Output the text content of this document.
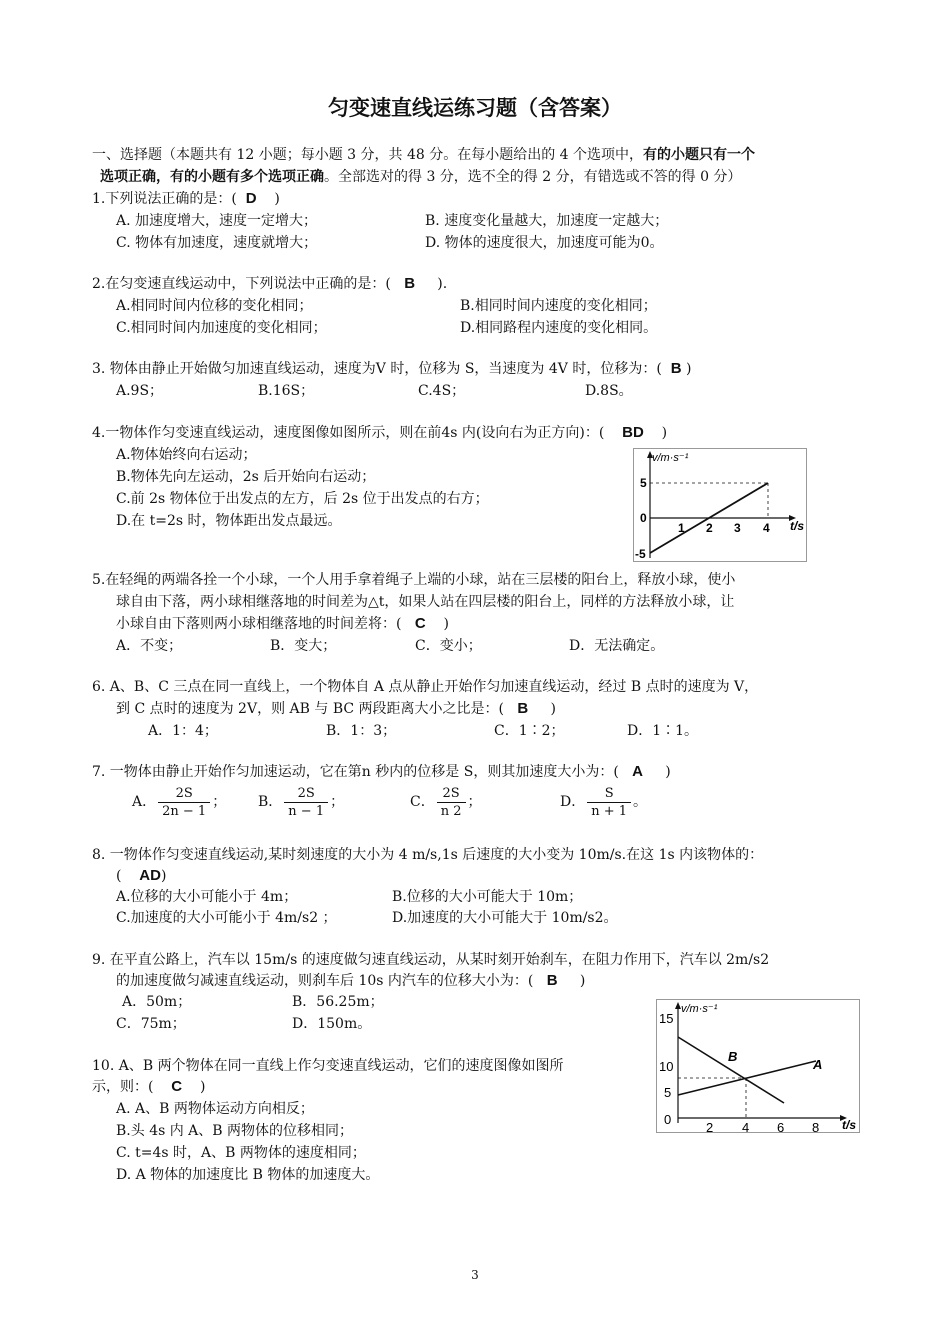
匀变速直线运练习题（含答案）
一、选择题（本题共有 12 小题；每小题 3 分，共 48 分。在每小题给出的 4 个选项中，有的小题只有一个
选项正确，有的小题有多个选项正确。全部选对的得 3 分，选不全的得 2 分，有错选或不答的得 0 分）
1.下列说法正确的是：( D )
A. 加速度增大，速度一定增大；	B. 速度变化量越大，加速度一定越大；
C. 物体有加速度，速度就增大；	D. 物体的速度很大，加速度可能为0。
2.在匀变速直线运动中，下列说法中正确的是：( B ).
A.相同时间内位移的变化相同；	B.相同时间内速度的变化相同；
C.相同时间内加速度的变化相同；	D.相同路程内速度的变化相同。
3. 物体由静止开始做匀加速直线运动，速度为V 时，位移为 S，当速度为 4V 时，位移为：( B )
A.9S；	B.16S；	C.4S；	D.8S。
4.一物体作匀变速直线运动，速度图像如图所示，则在前4s 内(设向右为正方向)：( BD )
A.物体始终向右运动；
B.物体先向左运动，2s 后开始向右运动；
C.前 2s 物体位于出发点的左方，后 2s 位于出发点的右方；
D.在 t=2s 时，物体距出发点最远。
v/m·s⁻¹
t/s
5
0
-5
1 2 3 4
5.在轻绳的两端各拴一个小球，一个人用手拿着绳子上端的小球，站在三层楼的阳台上，释放小球，使小
球自由下落，两小球相继落地的时间差为△t，如果人站在四层楼的阳台上，同样的方法释放小球，让
小球自由下落则两小球相继落地的时间差将：( C )
A．不变；	B．变大；	C．变小；	D．无法确定。
6. A、B、C 三点在同一直线上，一个物体自 A 点从静止开始作匀加速直线运动，经过 B 点时的速度为 V，
到 C 点时的速度为 2V，则 AB 与 BC 两段距离大小之比是：( B )
A．1：4；	B．1：3；	C．1∶2；	D．1∶1。
7. 一物体由静止开始作匀加速运动，它在第n 秒内的位移是 S，则其加速度大小为：( A )
A． $\frac{2S}{2n - 1}$ ； B． $\frac{2S}{n - 1}$ ；	C． $\frac{2S}{n 2}$ ；	D． $\frac{S}{n + 1}$ 。
8. 一物体作匀变速直线运动,某时刻速度的大小为 4 m/s,1s 后速度的大小变为 10m/s.在这 1s 内该物体的：
( AD)
A.位移的大小可能小于 4m；	B.位移的大小可能大于 10m；
C.加速度的大小可能小于 4m/s2 ；	D.加速度的大小可能大于 10m/s2。
9. 在平直公路上，汽车以 15m/s 的速度做匀速直线运动，从某时刻开始刹车，在阻力作用下，汽车以 2m/s2
的加速度做匀减速直线运动，则刹车后 10s 内汽车的位移大小为：( B )
A．50m；	B．56.25m；
C．75m；	D．150m。
10. A、B 两个物体在同一直线上作匀变速直线运动，它们的速度图像如图所
示，则：( C )
A. A、B 两物体运动方向相反；
B.头 4s 内 A、B 两物体的位移相同；
C. t=4s 时，A、B 两物体的速度相同；
D. A 物体的加速度比 B 物体的加速度大。
v/m·s⁻¹
t/s
15
10
5
0
2 4 6 8
B
A
3
